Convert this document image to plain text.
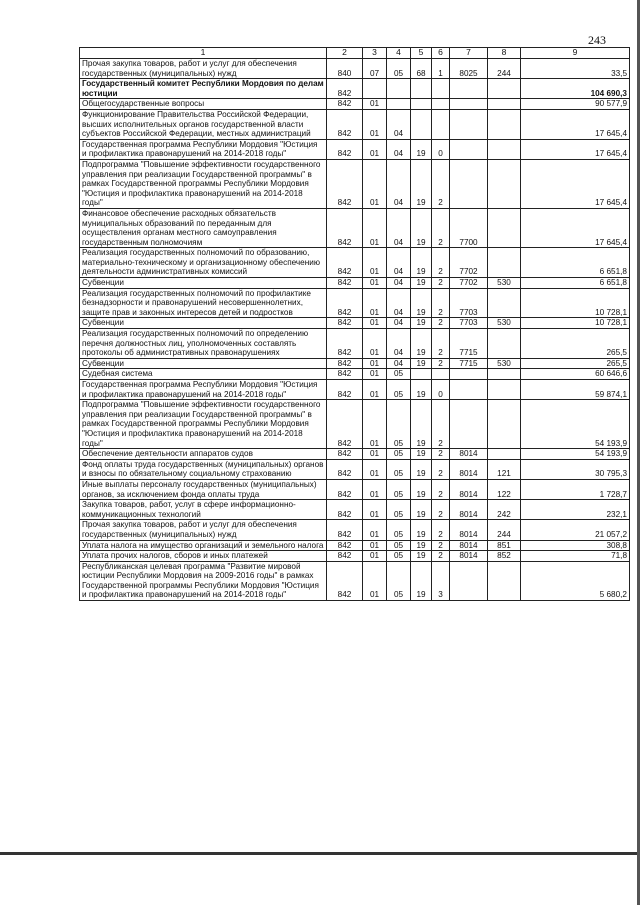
243
1	2	3	4	5	6	7	8	9
Прочая закупка товаров, работ и услуг для обеспечения государственных (муниципальных) нужд	840	07	05	68	1	8025	244	33,5
Государственный комитет Республики Мордовия по делам юстиции	842							104 690,3
Общегосударственные вопросы	842	01						90 577,9
Функционирование Правительства Российской Федерации, высших исполнительных органов государственной власти субъектов Российской Федерации, местных администраций	842	01	04					17 645,4
Государственная программа Республики Мордовия "Юстиция и профилактика правонарушений на 2014-2018 годы"	842	01	04	19	0			17 645,4
Подпрограмма "Повышение эффективности государственного управления при реализации Государственной программы" в рамках Государственной программы Республики Мордовия "Юстиция и профилактика правонарушений на 2014-2018 годы"	842	01	04	19	2			17 645,4
Финансовое обеспечение расходных обязательств муниципальных образований по переданным для осуществления органам местного самоуправления государственным полномочиям	842	01	04	19	2	7700		17 645,4
Реализация государственных полномочий по образованию, материально-техническому и организационному обеспечению деятельности административных комиссий	842	01	04	19	2	7702		6 651,8
Субвенции	842	01	04	19	2	7702	530	6 651,8
Реализация государственных полномочий по профилактике безнадзорности и правонарушений несовершеннолетних, защите прав и законных интересов детей и подростков	842	01	04	19	2	7703		10 728,1
Субвенции	842	01	04	19	2	7703	530	10 728,1
Реализация государственных полномочий по определению перечня должностных лиц, уполномоченных составлять протоколы об административных правонарушениях	842	01	04	19	2	7715		265,5
Субвенции	842	01	04	19	2	7715	530	265,5
Судебная система	842	01	05					60 646,6
Государственная программа Республики Мордовия "Юстиция и профилактика правонарушений на 2014-2018 годы"	842	01	05	19	0			59 874,1
Подпрограмма "Повышение эффективности государственного управления при реализации Государственной программы" в рамках Государственной программы Республики Мордовия "Юстиция и профилактика правонарушений на 2014-2018 годы"	842	01	05	19	2			54 193,9
Обеспечение деятельности аппаратов судов	842	01	05	19	2	8014		54 193,9
Фонд оплаты труда государственных (муниципальных) органов и взносы по обязательному социальному страхованию	842	01	05	19	2	8014	121	30 795,3
Иные выплаты персоналу государственных (муниципальных) органов, за исключением фонда оплаты труда	842	01	05	19	2	8014	122	1 728,7
Закупка товаров, работ, услуг в сфере информационно-коммуникационных технологий	842	01	05	19	2	8014	242	232,1
Прочая закупка товаров, работ и услуг для обеспечения государственных (муниципальных) нужд	842	01	05	19	2	8014	244	21 057,2
Уплата налога на имущество организаций и земельного налога	842	01	05	19	2	8014	851	308,8
Уплата прочих налогов, сборов и иных платежей	842	01	05	19	2	8014	852	71,8
Республиканская целевая программа "Развитие мировой юстиции Республики Мордовия на 2009-2016 годы" в рамках Государственной программы Республики Мордовия "Юстиция и профилактика правонарушений на 2014-2018 годы"	842	01	05	19	3			5 680,2
